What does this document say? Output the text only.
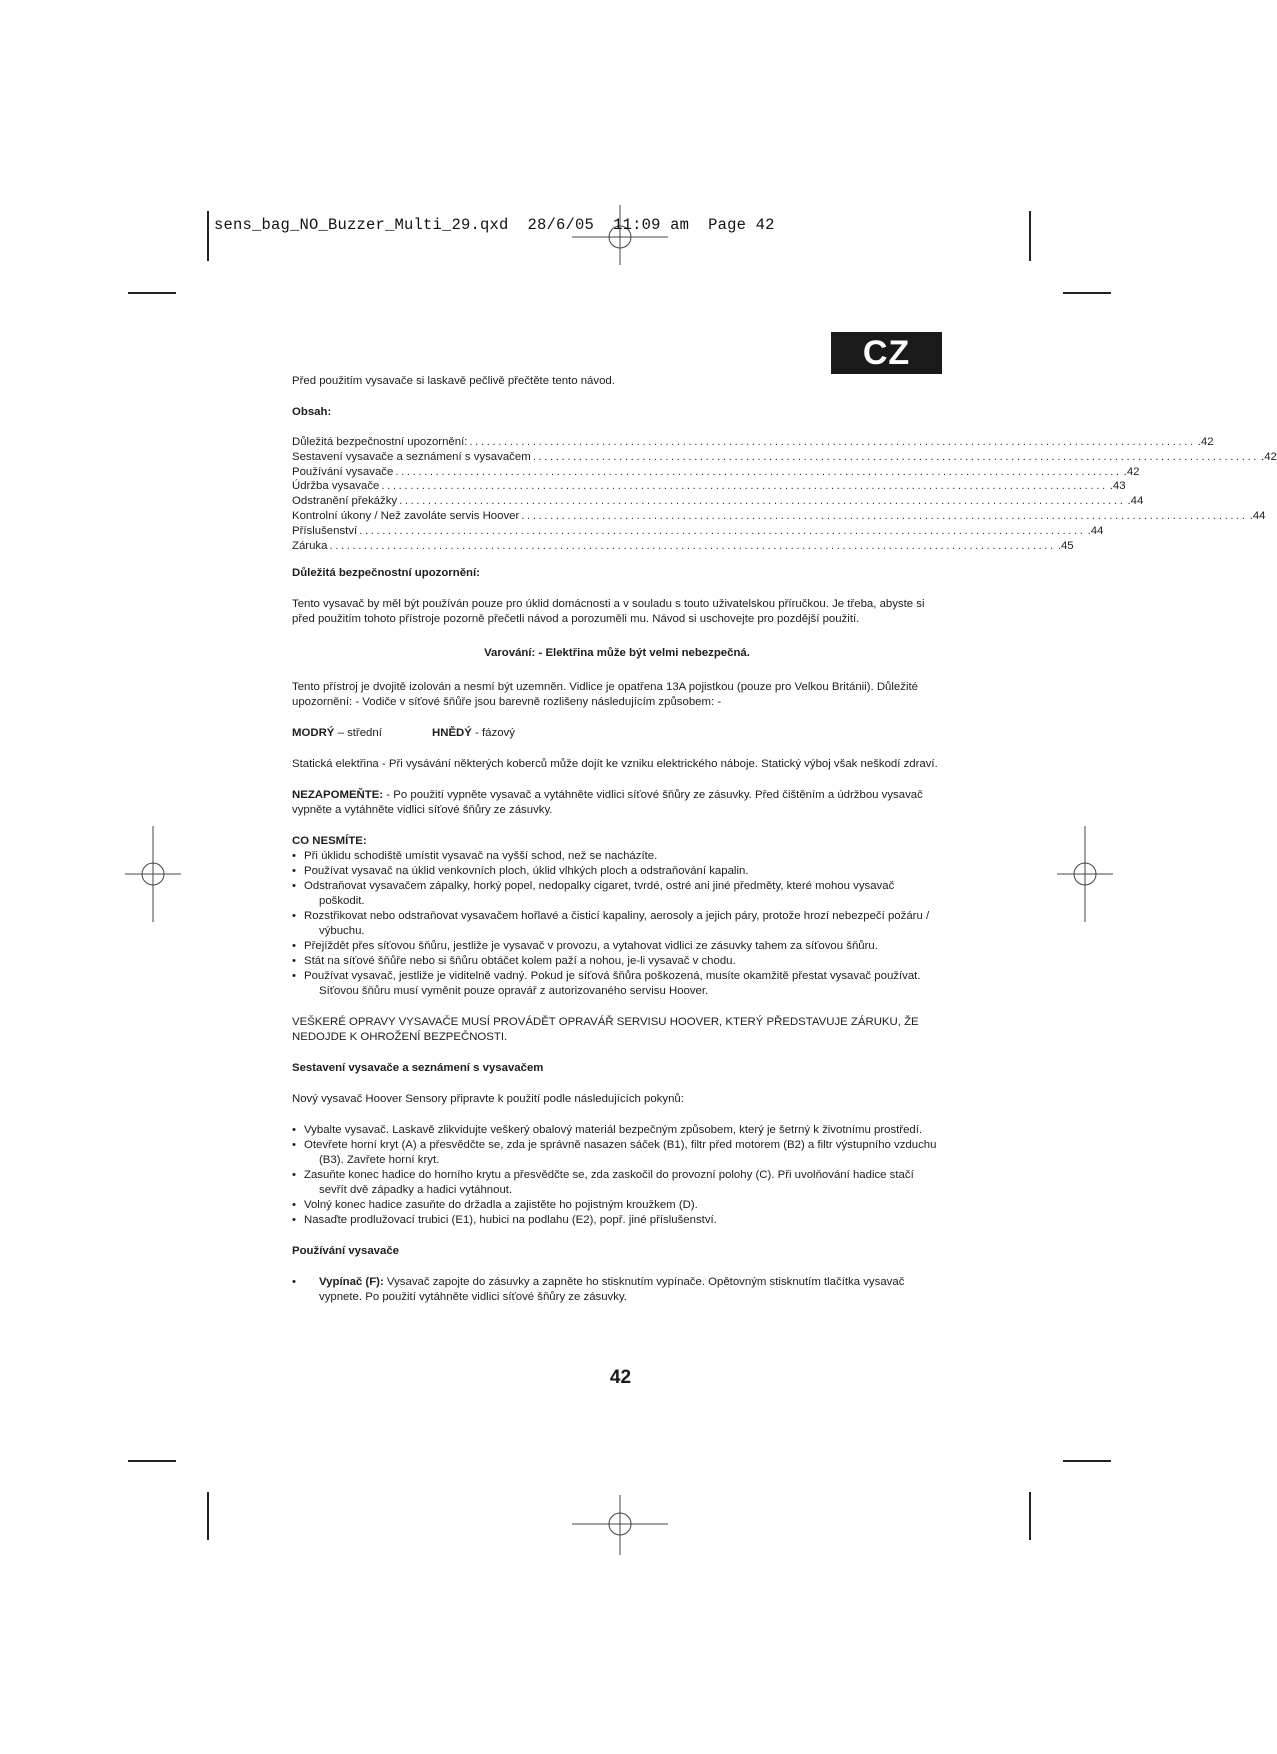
sens_bag_NO_Buzzer_Multi_29.qxd  28/6/05  11:09 am  Page 42
CZ

Před použitím vysavače si laskavě pečlivě přečtěte tento návod.

Obsah:

Důležitá bezpečnostní upozornění: .............................................................................................................................. .42
Sestavení vysavače a seznámení s vysavačem .............................................................................................................................. .42
Používání vysavače .............................................................................................................................. .42
Údržba vysavače .............................................................................................................................. .43
Odstranění překážky .............................................................................................................................. .44
Kontrolní úkony / Než zavoláte servis Hoover .............................................................................................................................. .44
Příslušenství .............................................................................................................................. .44
Záruka .............................................................................................................................. .45

Důležitá bezpečnostní upozornění:

Tento vysavač by měl být používán pouze pro úklid domácnosti a v souladu s touto uživatelskou příručkou. Je třeba, abyste si před použitím tohoto přístroje pozorně přečetli návod a porozuměli mu. Návod si uschovejte pro pozdější použití.

Varování: - Elektřina může být velmi nebezpečná.

Tento přístroj je dvojitě izolován a nesmí být uzemněn. Vidlice je opatřena 13A pojistkou (pouze pro Velkou Británii). Důležité upozornění: - Vodiče v síťové šňůře jsou barevně rozlišeny následujícím způsobem: -

MODRÝ – střední	HNĚDÝ - fázový

Statická elektřina - Při vysávání některých koberců může dojít ke vzniku elektrického náboje. Statický výboj však neškodí zdraví.

NEZAPOMEŇTE: - Po použití vypněte vysavač a vytáhněte vidlici síťové šňůry ze zásuvky. Před čištěním a údržbou vysavač vypněte a vytáhněte vidlici síťové šňůry ze zásuvky.

CO NESMÍTE:

• Při úklidu schodiště umístit vysavač na vyšší schod, než se nacházíte.
• Používat vysavač na úklid venkovních ploch, úklid vlhkých ploch a odstraňování kapalin.
• Odstraňovat vysavačem zápalky, horký popel, nedopalky cigaret, tvrdé, ostré ani jiné předměty, které mohou vysavač poškodit.
• Rozstřikovat nebo odstraňovat vysavačem hořlavé a čisticí kapaliny, aerosoly a jejich páry, protože hrozí nebezpečí požáru / výbuchu.
• Přejíždět přes síťovou šňůru, jestliže je vysavač v provozu, a vytahovat vidlici ze zásuvky tahem za síťovou šňůru.
• Stát na síťové šňůře nebo si šňůru obtáčet kolem paží a nohou, je-li vysavač v chodu.
• Používat vysavač, jestliže je viditelně vadný. Pokud je síťová šňůra poškozená, musíte okamžitě přestat vysavač používat. Síťovou šňůru musí vyměnit pouze opravář z autorizovaného servisu Hoover.

VEŠKERÉ OPRAVY VYSAVAČE MUSÍ PROVÁDĚT OPRAVÁŘ SERVISU HOOVER, KTERÝ PŘEDSTAVUJE ZÁRUKU, ŽE NEDOJDE K OHROŽENÍ BEZPEČNOSTI.

Sestavení vysavače a seznámení s vysavačem

Nový vysavač Hoover Sensory připravte k použití podle následujících pokynů:

• Vybalte vysavač. Laskavě zlikvidujte veškerý obalový materiál bezpečným způsobem, který je šetrný k životnímu prostředí.
• Otevřete horní kryt (A) a přesvědčte se, zda je správně nasazen sáček (B1), filtr před motorem (B2) a filtr výstupního vzduchu (B3). Zavřete horní kryt.
• Zasuňte konec hadice do horního krytu a přesvědčte se, zda zaskočil do provozní polohy (C). Při uvolňování hadice stačí sevřít dvě západky a hadici vytáhnout.
• Volný konec hadice zasuňte do držadla a zajistěte ho pojistným kroužkem (D).
• Nasaďte prodlužovací trubici (E1), hubici na podlahu (E2), popř. jiné příslušenství.

Používání vysavače

•	Vypínač (F): Vysavač zapojte do zásuvky a zapněte ho stisknutím vypínače. Opětovným stisknutím tlačítka vysavač vypnete. Po použití vytáhněte vidlici síťové šňůry ze zásuvky.
42
